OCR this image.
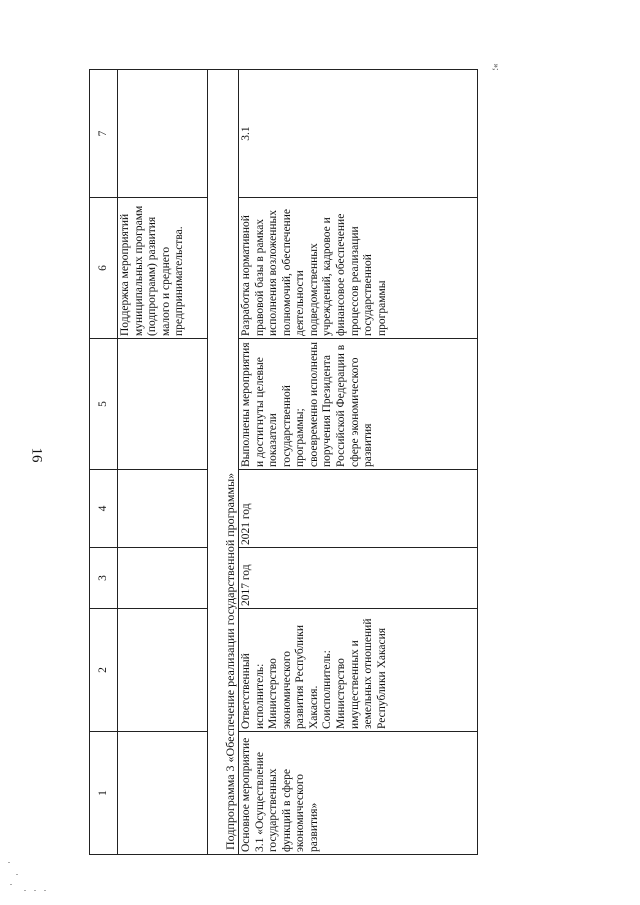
16
»;
1	2	3	4	5	6	7
					Поддержка мероприятий муниципальных программ (подпрограмм) развития малого и среднего предпринимательства.	
Подпрограмма 3 «Обеспечение реализации государственной программы»						
Основное мероприятие 3.1 «Осуществление государственных функций в сфере экономического развития»	Ответственный исполнитель: Министерство экономического развития Республики Хакасия. Соисполнитель: Министерство имущественных и земельных отношений Республики Хакасия	2017 год	2021 год	Выполнены мероприятия и достигнуты целевые показатели государственной программы; своевременно исполнены поручения Президента Российской Федерации в сфере экономического развития	Разработка нормативной правовой базы в рамках исполнения возложенных полномочий, обеспечение деятельности подведомственных учреждений, кадровое и финансовое обеспечение процессов реализации государственной программы	3.1
